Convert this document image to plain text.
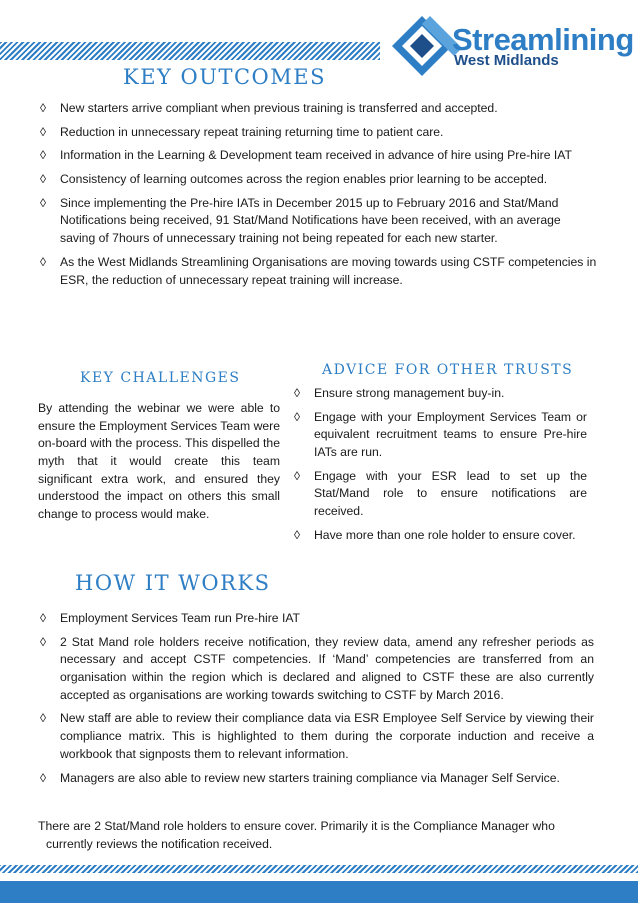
Streamlining
West Midlands
KEY OUTCOMES
◊ New starters arrive compliant when previous training is transferred and accepted.
◊ Reduction in unnecessary repeat training returning time to patient care.
◊ Information in the Learning & Development team received in advance of hire using Pre-hire IAT
◊ Consistency of learning outcomes across the region enables prior learning to be accepted.
◊ Since implementing the Pre-hire IATs in December 2015 up to February 2016 and Stat/Mand Notifications being received, 91 Stat/Mand Notifications have been received, with an average saving of 7hours of unnecessary training not being repeated for each new starter.
◊ As the West Midlands Streamlining Organisations are moving towards using CSTF competencies in ESR, the reduction of unnecessary repeat training will increase.
KEY CHALLENGES
By attending the webinar we were able to ensure the Employment Services Team were on-board with the process. This dispelled the myth that it would create this team significant extra work, and ensured they understood the impact on others this small change to process would make.
ADVICE FOR OTHER TRUSTS
◊ Ensure strong management buy-in.
◊ Engage with your Employment Services Team or equivalent recruitment teams to ensure Pre-hire IATs are run.
◊ Engage with your ESR lead to set up the Stat/Mand role to ensure notifications are received.
◊ Have more than one role holder to ensure cover.
HOW IT WORKS
◊ Employment Services Team run Pre-hire IAT
◊ 2 Stat Mand role holders receive notification, they review data, amend any refresher periods as necessary and accept CSTF competencies. If ‘Mand’ competencies are transferred from an organisation within the region which is declared and aligned to CSTF these are also currently accepted as organisations are working towards switching to CSTF by March 2016.
◊ New staff are able to review their compliance data via ESR Employee Self Service by viewing their compliance matrix. This is highlighted to them during the corporate induction and receive a workbook that signposts them to relevant information.
◊ Managers are also able to review new starters training compliance via Manager Self Service.
There are 2 Stat/Mand role holders to ensure cover. Primarily it is the Compliance Manager who currently reviews the notification received.
